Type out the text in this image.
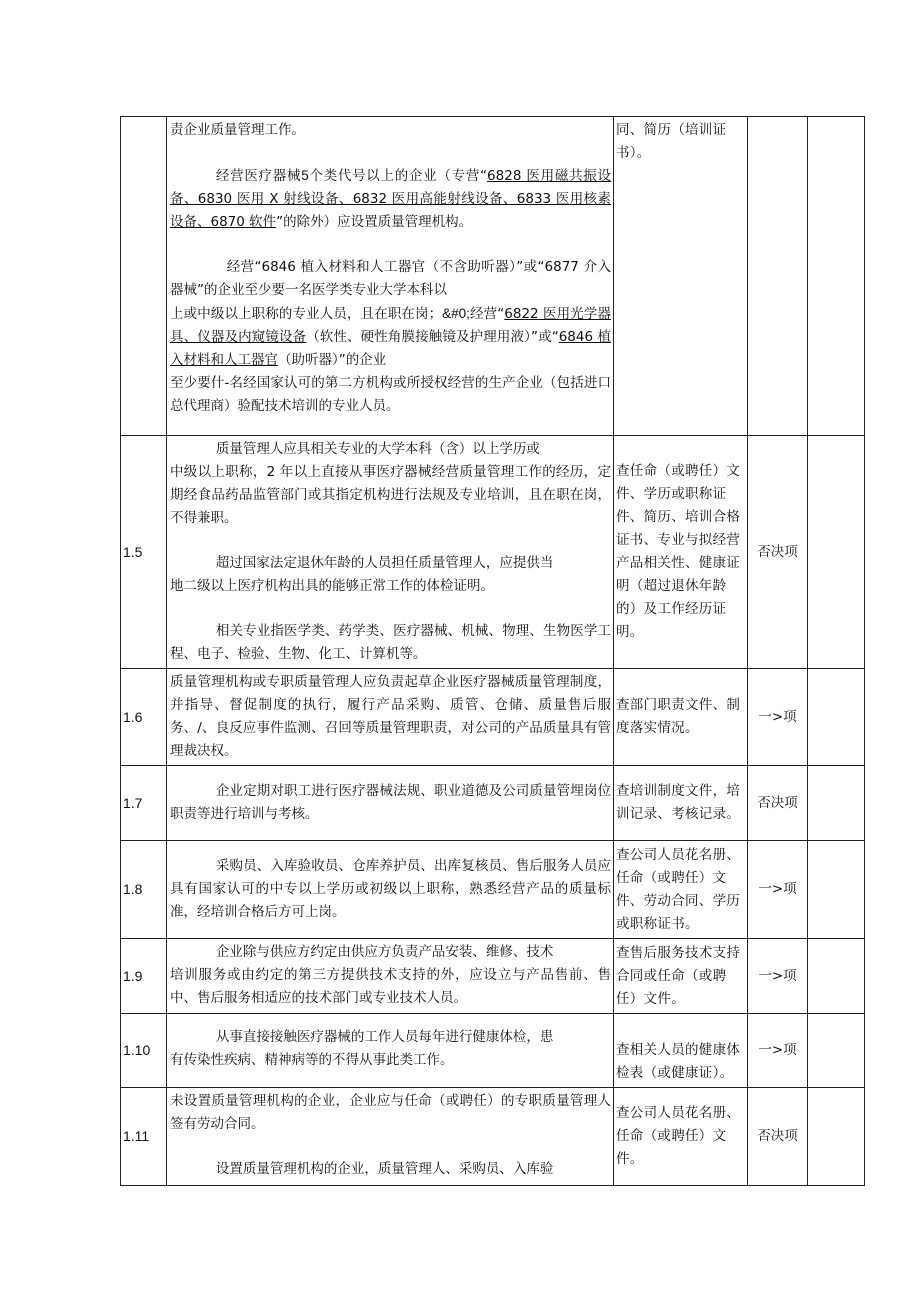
	责企业质量管理工作。

经营医疗器械5个类代号以上的企业（专营“6828 医用磁共振设备、6830 医用 X 射线设备、6832 医用高能射线设备、6833 医用核素设备、6870 软件”的除外）应设置质量管理机构。

经营“6846 植入材料和人工器官（不含助听器）”或“6877 介入器械”的企业至少要一名医学类专业大学本科以

上或中级以上职称的专业人员，且在职在岗；&#0;经营“6822 医用光学器具、仪器及内窥镜设备（软性、硬性角膜接触镜及护理用液）”或“6846 植入材料和人工器官（助听器）”的企业

至少要什-名经国家认可的第二方机构或所授权经营的生产企业（包括进口总代理商）验配技术培训的专业人员。	同、简历（培训证书）。		
1.5	质量管理人应具相关专业的大学本科（含）以上学历或

中级以上职称，2 年以上直接从事医疗器械经营质量管理工作的经历，定期经食品药品监管部门或其指定机构进行法规及专业培训，且在职在岗，不得兼职。

超过国家法定退休年龄的人员担任质量管理人，应提供当

地二级以上医疗机构出具的能够正常工作的体检证明。

相关专业指医学类、药学类、医疗器械、机械、物理、生物医学工程、电子、检验、生物、化工、计算机等。	查任命（或聘任）文件、学历或职称证件、简历、培训合格证书、专业与拟经营产品相关性、健康证明（超过退休年龄的）及工作经历证明。	否决项	
1.6	质量管理机构或专职质量管理人应负责起草企业医疗器械质量管理制度，并指导、督促制度的执行，履行产品采购、质管、仓储、质量售后服务、/、良反应事件监测、召回等质量管理职责，对公司的产品质量具有管理裁决权。	查部门职责文件、制度落实情况。	一>项	
1.7	企业定期对职工进行医疗器械法规、职业道德及公司质量管埋岗位职责等进行培训与考核。	查培训制度文件，培训记录、考核记录。	否决项	
1.8	采购员、入库验收员、仓库养护员、出库复核员、售后服务人员应具有国家认可的中专以上学历或初级以上职称，熟悉经营产品的质量标准，经培训合格后方可上岗。	查公司人员花名册、任命（或聘任）文件、劳动合同、学历或职称证书。	一>项	
1.9	企业除与供应方约定由供应方负责产品安装、维修、技术

培训服务或由约定的第三方提供技术支持的外，应设立与产品售前、售中、售后服务相适应的技术部门或专业技术人员。	查售后服务技术支持合同或任命（或聘任）文件。	一>项	
1.10	从事直接接触医疗器械的工作人员每年进行健康体检，患

有传染性疾病、精神病等的不得从事此类工作。	查相关人员的健康体检表（或健康证）。	一>项	
1.11	未设置质量管理机构的企业，企业应与任命（或聘任）的专职质量管理人签有劳动合同。

设置质量管理机构的企业，质量管理人、采购员、入库验	查公司人员花名册、任命（或聘任）文件。	否决项	
